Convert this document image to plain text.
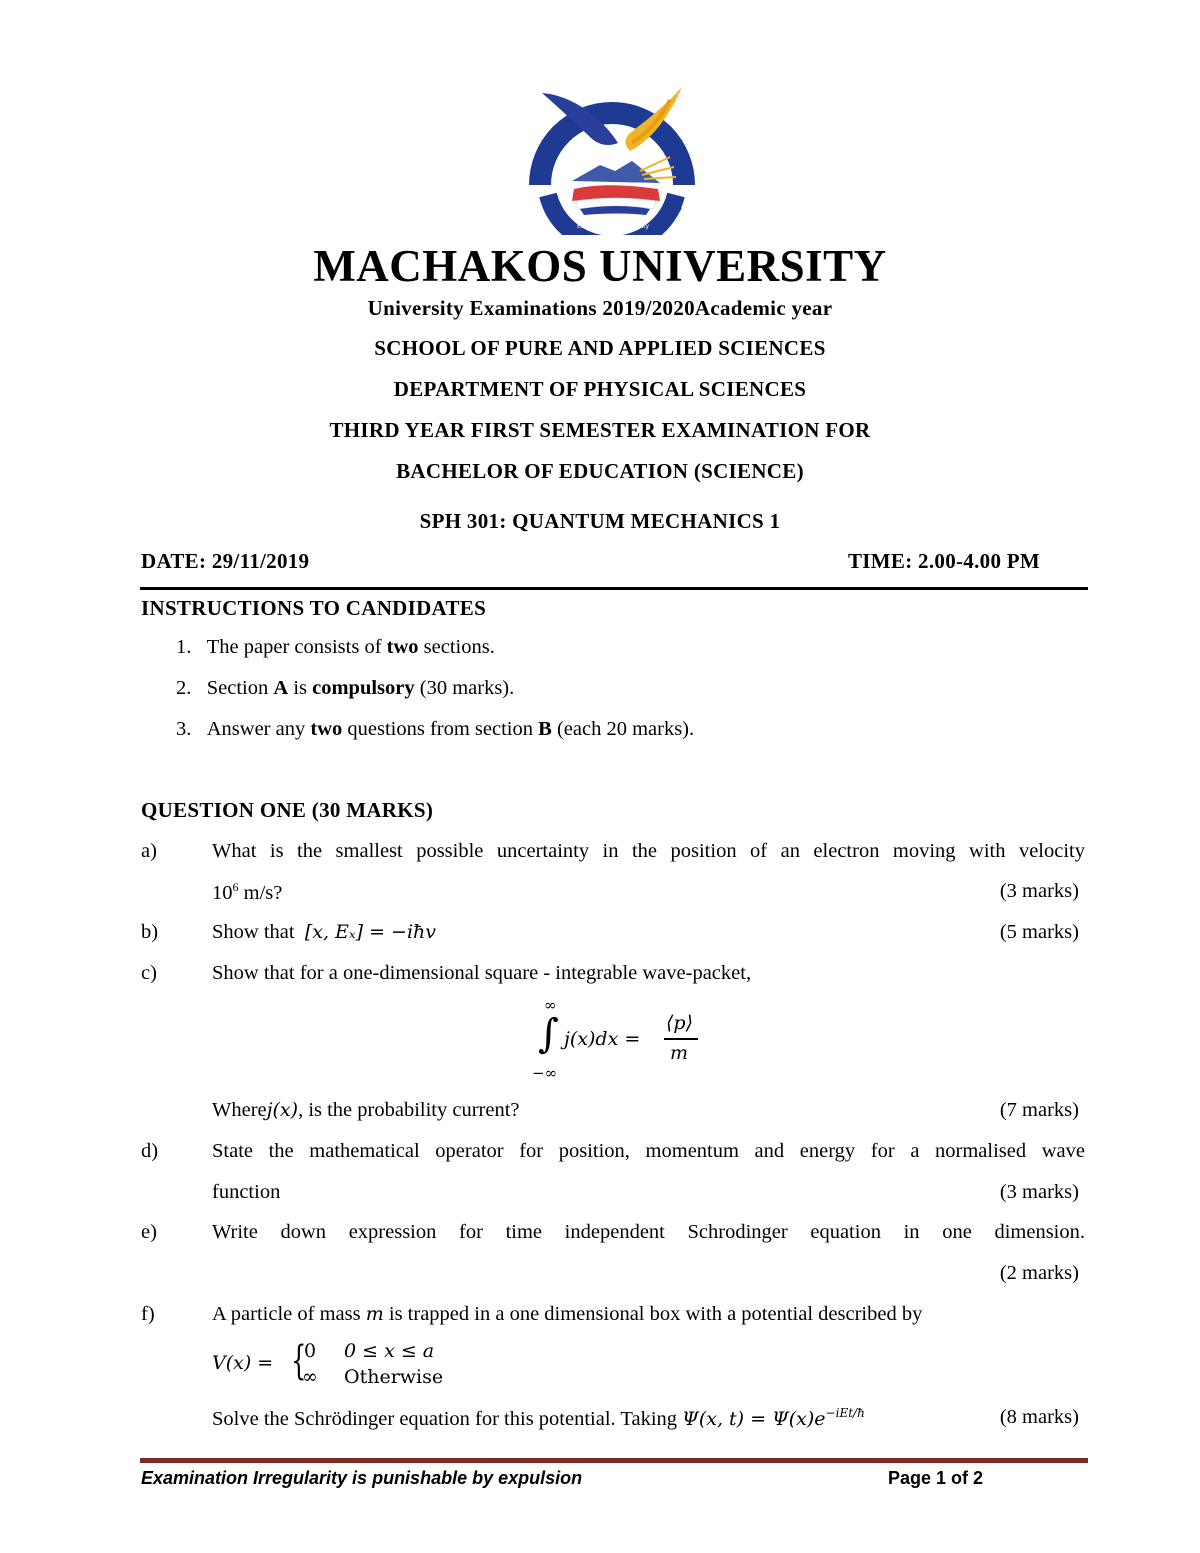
Education for Prosperity
MACHAKOS UNIVERSITY
University Examinations 2019/2020Academic year
SCHOOL OF PURE AND APPLIED SCIENCES
DEPARTMENT OF PHYSICAL SCIENCES
THIRD YEAR FIRST SEMESTER EXAMINATION FOR
BACHELOR OF EDUCATION (SCIENCE)
SPH 301: QUANTUM MECHANICS 1
DATE: 29/11/2019	TIME: 2.00-4.00 PM
INSTRUCTIONS TO CANDIDATES
1. The paper consists of two sections.
2. Section A is compulsory (30 marks).
3. Answer any two questions from section B (each 20 marks).
QUESTION ONE (30 MARKS)
a)	What is the smallest possible uncertainty in the position of an electron moving with velocity
$10^6$ m/s?	(3 marks)
b)	Show that [x, Eₓ] = −iħv	(5 marks)
c)	Show that for a one-dimensional square - integrable wave-packet,
∞
∫
−∞
j(x)dx =
⟨p⟩
m
Wherej(x), is the probability current?	(7 marks)
d)	State the mathematical operator for position, momentum and energy for a normalised wave
function	(3 marks)
e)	Write down expression for time independent Schrodinger equation in one dimension.
(2 marks)
f)	A particle of mass m is trapped in a one dimensional box with a potential described by
V(x) = {
0 0 ≤ x ≤ a
∞ Otherwise
Solve the Schrödinger equation for this potential. Taking Ψ(x, $t) = \Psi(x)e^{-iEt/ħ}$	(8 marks)
Examination Irregularity is punishable by expulsion	Page 1 of 2
